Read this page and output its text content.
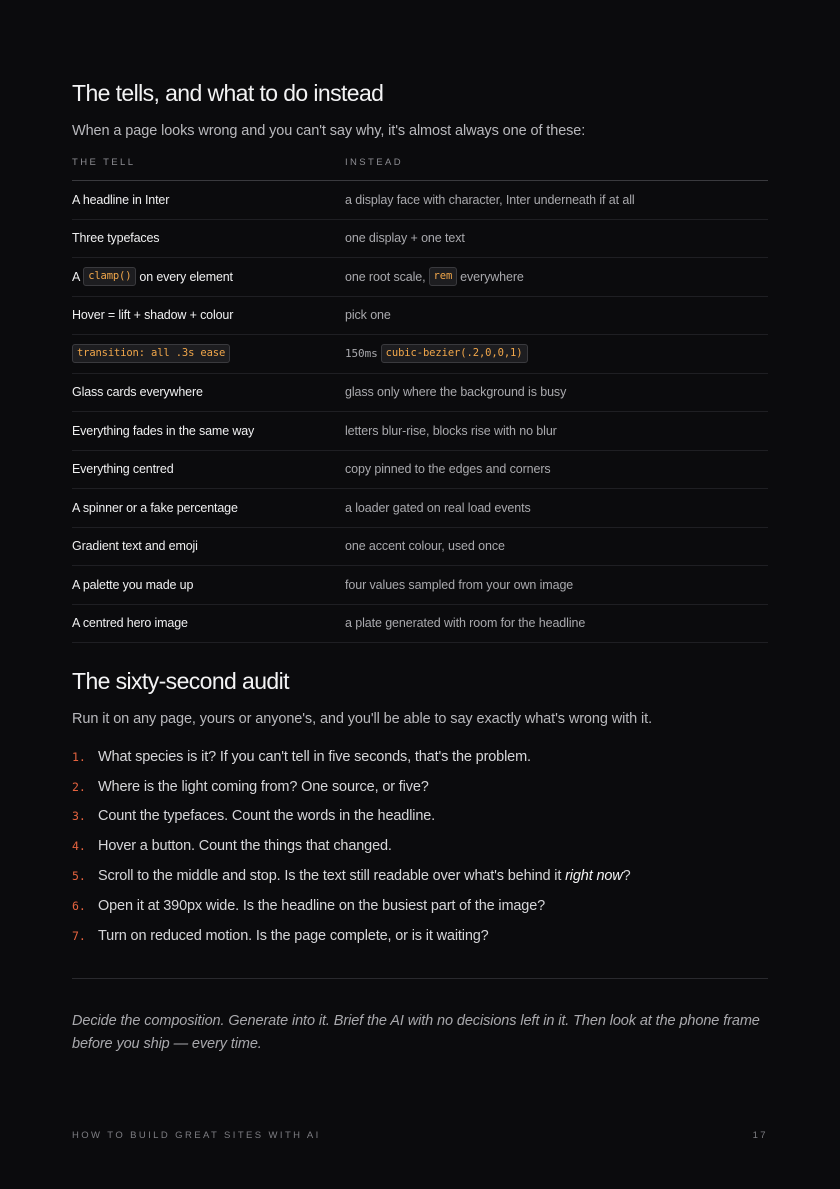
The tells, and what to do instead

When a page looks wrong and you can't say why, it's almost always one of these:

THE TELL	INSTEAD
A headline in Inter	a display face with character, Inter underneath if at all
Three typefaces	one display + one text
A clamp() on every element	one root scale, rem everywhere
Hover = lift + shadow + colour	pick one
transition: all .3s ease	150ms cubic-bezier(.2,0,0,1)
Glass cards everywhere	glass only where the background is busy
Everything fades in the same way	letters blur-rise, blocks rise with no blur
Everything centred	copy pinned to the edges and corners
A spinner or a fake percentage	a loader gated on real load events
Gradient text and emoji	one accent colour, used once
A palette you made up	four values sampled from your own image
A centred hero image	a plate generated with room for the headline
The sixty-second audit

Run it on any page, yours or anyone's, and you'll be able to say exactly what's wrong with it.

1. What species is it? If you can't tell in five seconds, that's the problem.
2. Where is the light coming from? One source, or five?
3. Count the typefaces. Count the words in the headline.
4. Hover a button. Count the things that changed.
5. Scroll to the middle and stop. Is the text still readable over what's behind it right now?
6. Open it at 390px wide. Is the headline on the busiest part of the image?
7. Turn on reduced motion. Is the page complete, or is it waiting?

Decide the composition. Generate into it. Brief the AI with no decisions left in it. Then look at the phone frame before you ship — every time.

HOW TO BUILD GREAT SITES WITH AI	17
